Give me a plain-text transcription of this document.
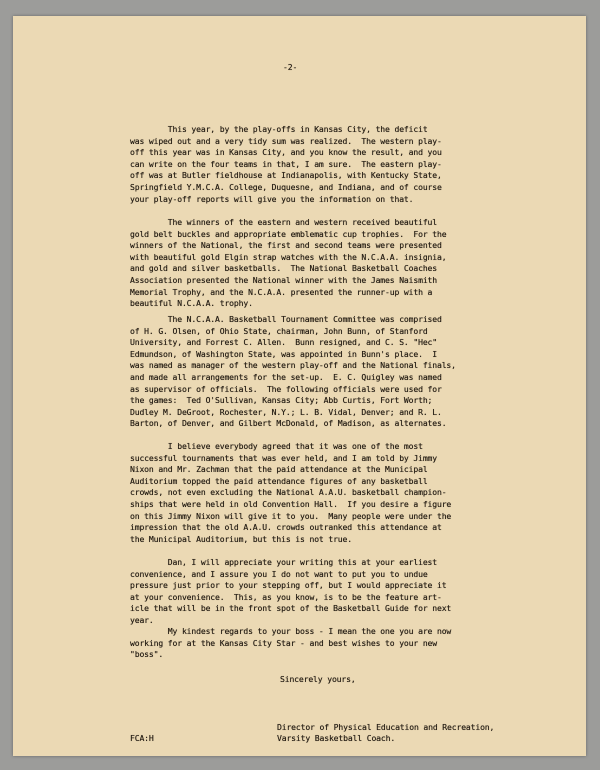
-2-
This year, by the play-offs in Kansas City, the deficit
was wiped out and a very tidy sum was realized.  The western play-
off this year was in Kansas City, and you know the result, and you
can write on the four teams in that, I am sure.  The eastern play-
off was at Butler fieldhouse at Indianapolis, with Kentucky State,
Springfield Y.M.C.A. College, Duquesne, and Indiana, and of course
your play-off reports will give you the information on that.
The winners of the eastern and western received beautiful
gold belt buckles and appropriate emblematic cup trophies.  For the
winners of the National, the first and second teams were presented
with beautiful gold Elgin strap watches with the N.C.A.A. insignia,
and gold and silver basketballs.  The National Basketball Coaches
Association presented the National winner with the James Naismith
Memorial Trophy, and the N.C.A.A. presented the runner-up with a
beautiful N.C.A.A. trophy.
The N.C.A.A. Basketball Tournament Committee was comprised
of H. G. Olsen, of Ohio State, chairman, John Bunn, of Stanford
University, and Forrest C. Allen.  Bunn resigned, and C. S. "Hec"
Edmundson, of Washington State, was appointed in Bunn's place.  I
was named as manager of the western play-off and the National finals,
and made all arrangements for the set-up.  E. C. Quigley was named
as supervisor of officials.  The following officials were used for
the games:  Ted O'Sullivan, Kansas City; Abb Curtis, Fort Worth;
Dudley M. DeGroot, Rochester, N.Y.; L. B. Vidal, Denver; and R. L.
Barton, of Denver, and Gilbert McDonald, of Madison, as alternates.
I believe everybody agreed that it was one of the most
successful tournaments that was ever held, and I am told by Jimmy
Nixon and Mr. Zachman that the paid attendance at the Municipal
Auditorium topped the paid attendance figures of any basketball
crowds, not even excluding the National A.A.U. basketball champion-
ships that were held in old Convention Hall.  If you desire a figure
on this Jimmy Nixon will give it to you.  Many people were under the
impression that the old A.A.U. crowds outranked this attendance at
the Municipal Auditorium, but this is not true.
Dan, I will appreciate your writing this at your earliest
convenience, and I assure you I do not want to put you to undue
pressure just prior to your stepping off, but I would appreciate it
at your convenience.  This, as you know, is to be the feature art-
icle that will be in the front spot of the Basketball Guide for next
year.
My kindest regards to your boss - I mean the one you are now
working for at the Kansas City Star - and best wishes to your new
"boss".
Sincerely yours,
Director of Physical Education and Recreation,
Varsity Basketball Coach.
FCA:H
